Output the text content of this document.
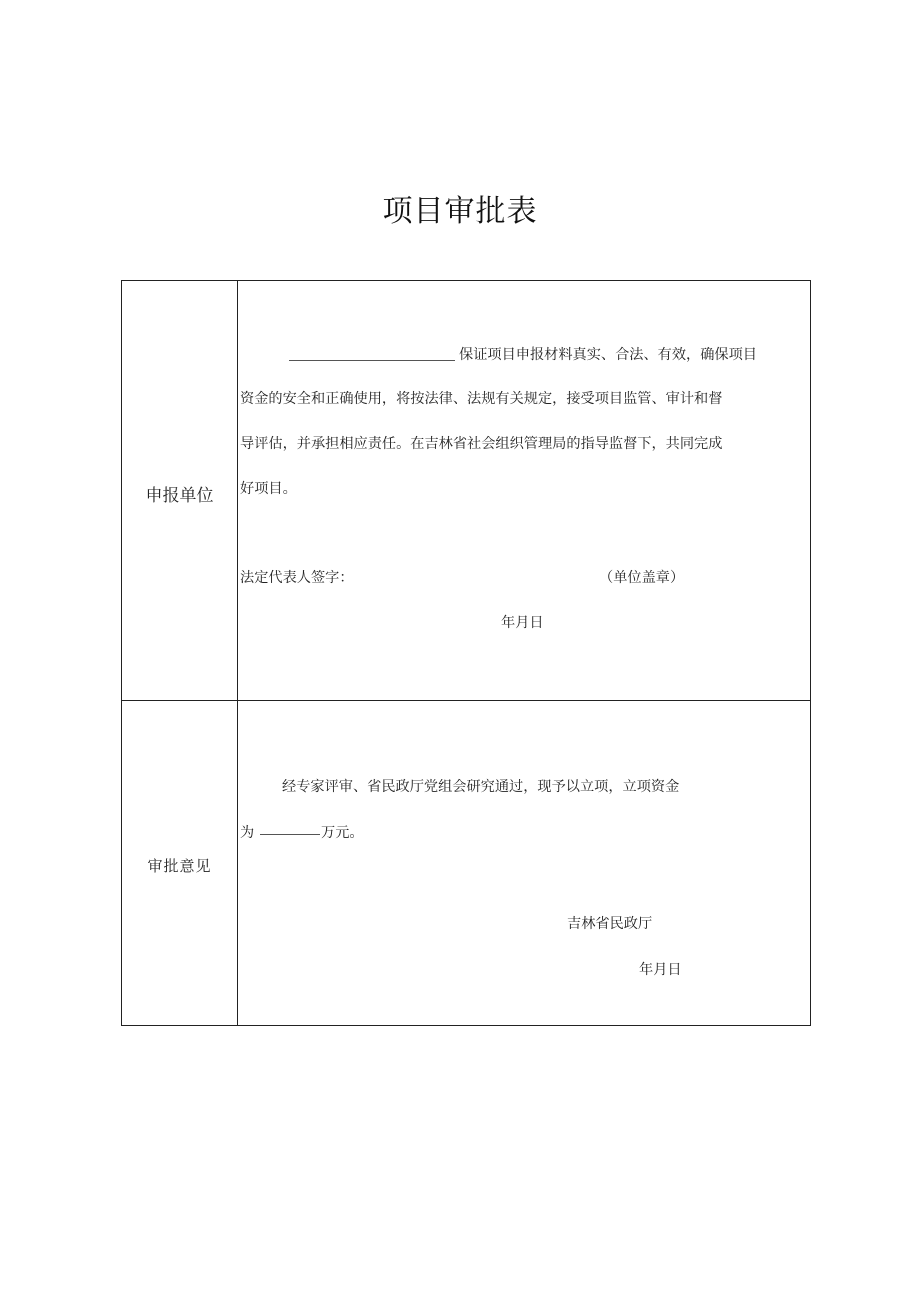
项目审批表
申报单位
保证项目申报材料真实、合法、有效，确保项目
资金的安全和正确使用，将按法律、法规有关规定，接受项目监管、审计和督
导评估，并承担相应责任。在吉林省社会组织管理局的指导监督下，共同完成
好项目。
法定代表人签字：	（单位盖章）
年月日
审批意见
经专家评审、省民政厅党组会研究通过，现予以立项，立项资金
为	万元。
吉林省民政厅
年月日
